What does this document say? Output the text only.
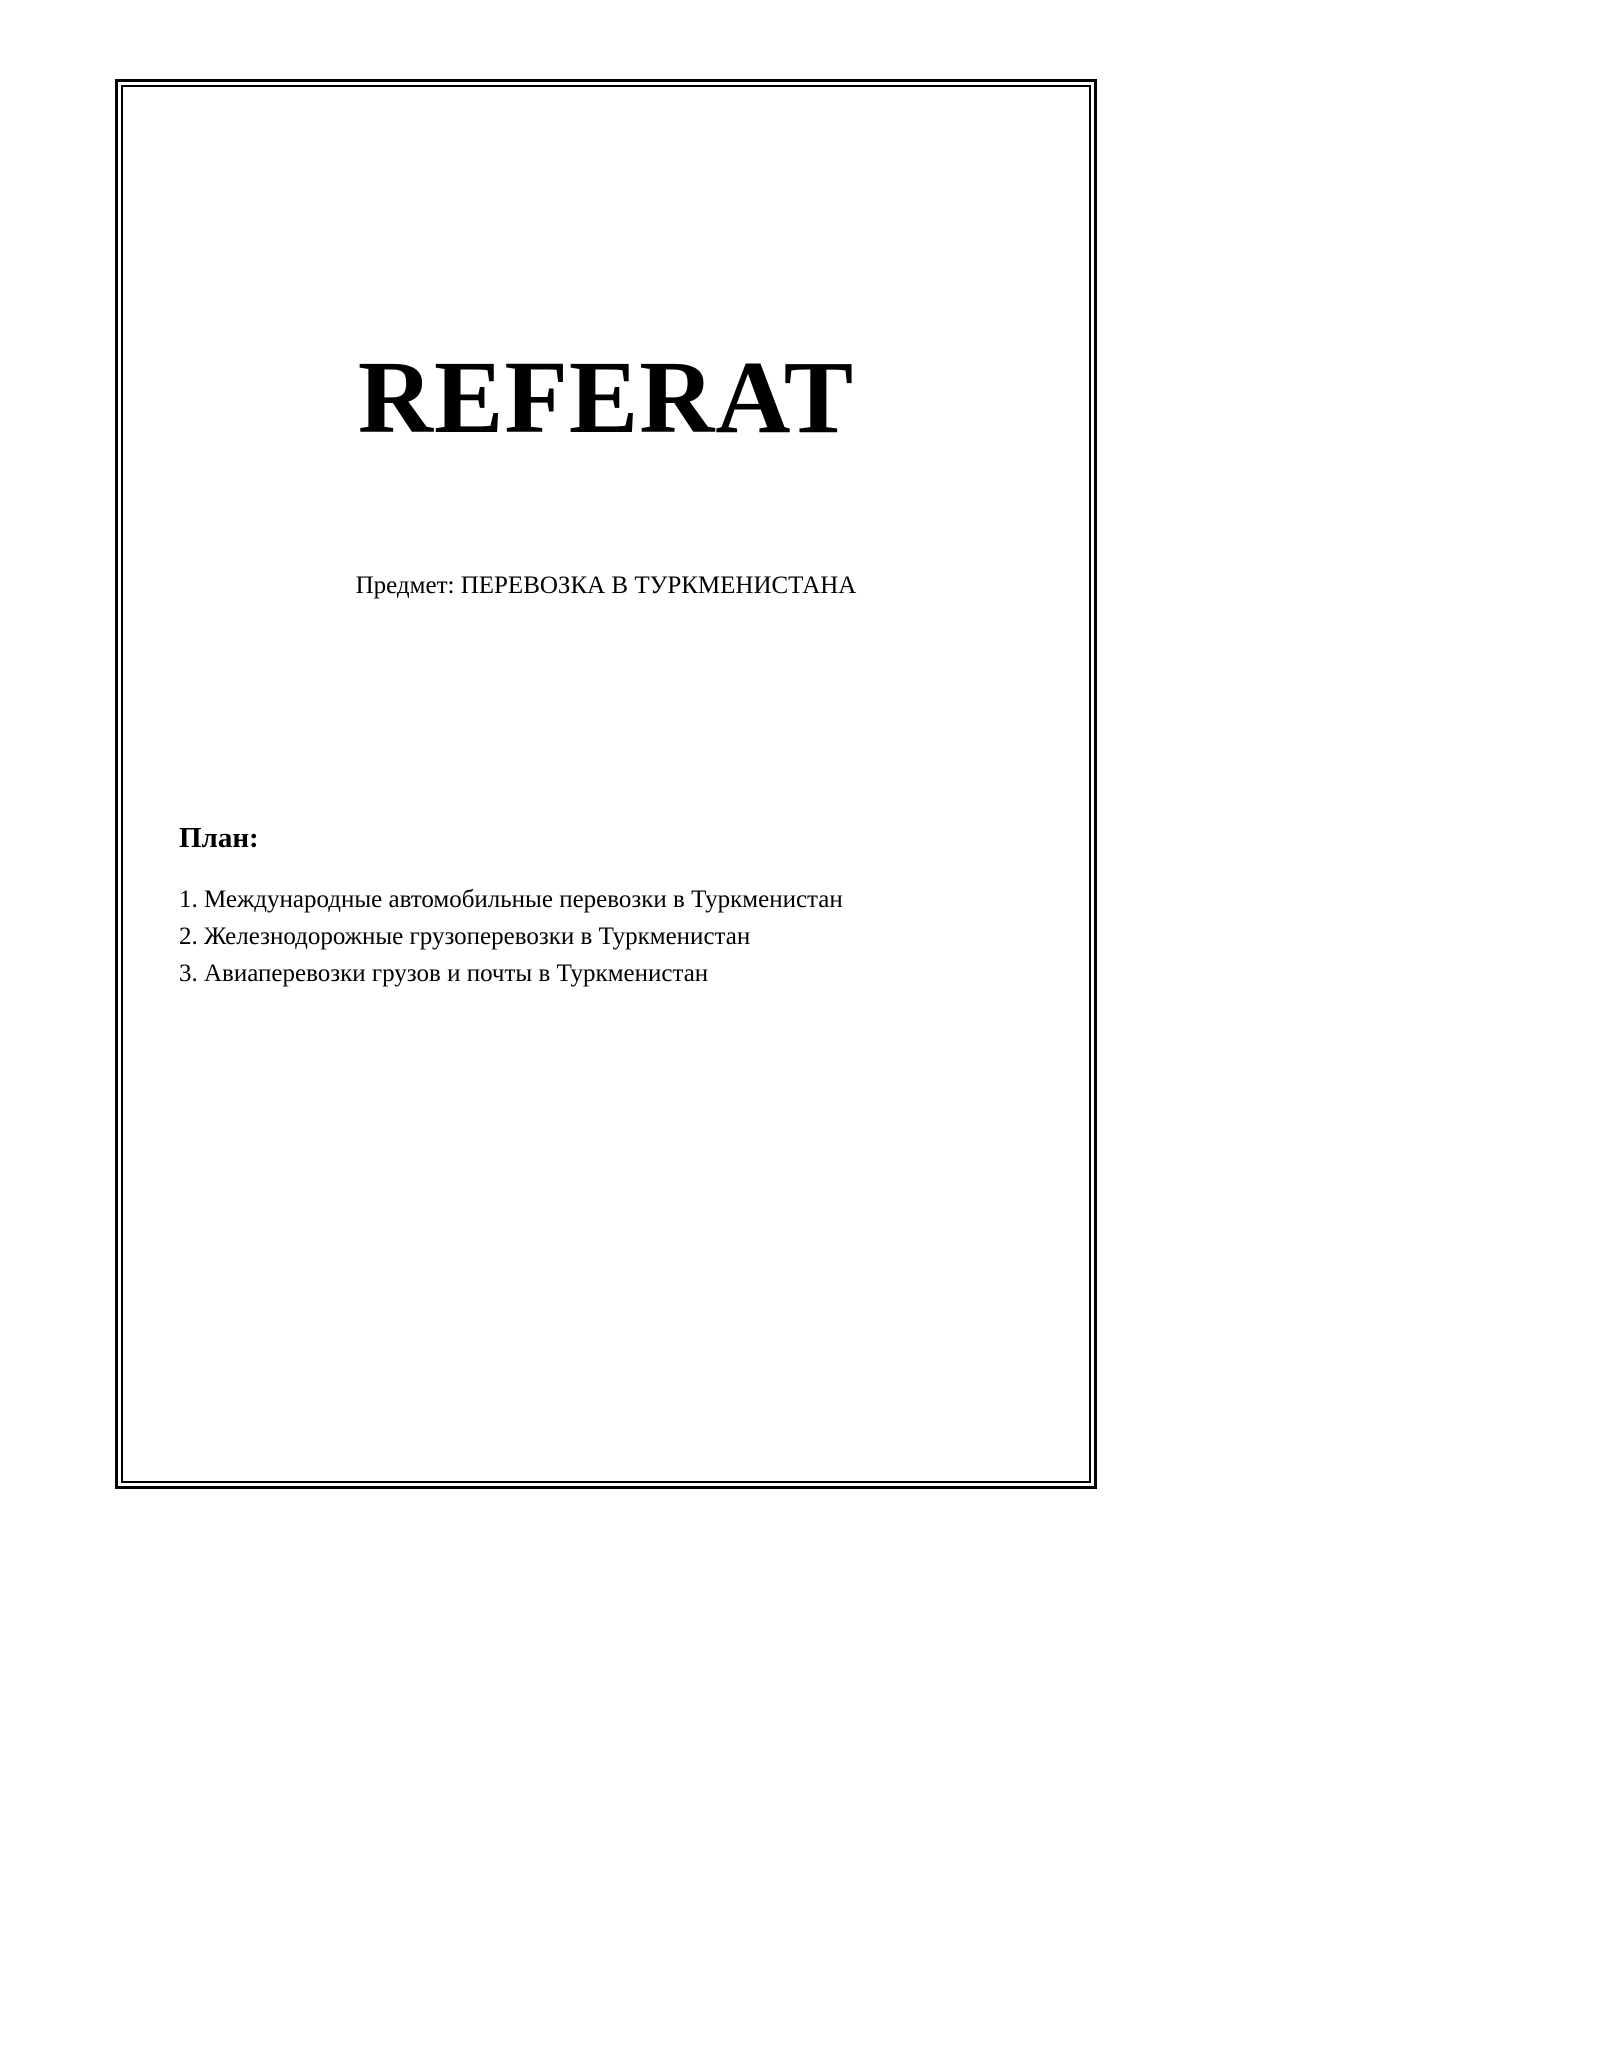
REFERAT
Предмет: ПЕРЕВОЗКА В ТУРКМЕНИСТАНА
План:
1. Международные автомобильные перевозки в Туркменистан
2. Железнодорожные грузоперевозки в Туркменистан
3. Авиаперевозки грузов и почты в Туркменистан
